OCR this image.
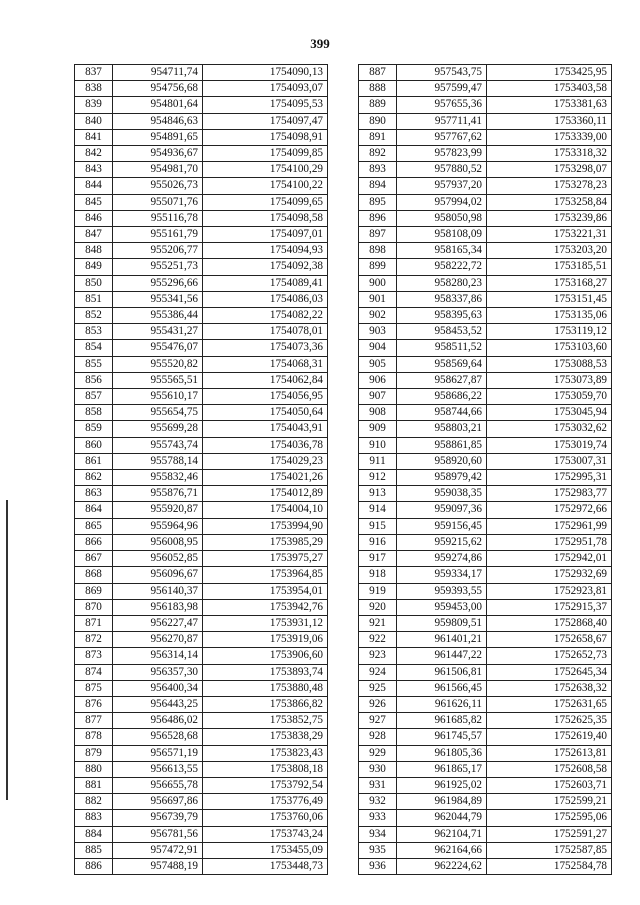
399
837	954711,74	1754090,13
838	954756,68	1754093,07
839	954801,64	1754095,53
840	954846,63	1754097,47
841	954891,65	1754098,91
842	954936,67	1754099,85
843	954981,70	1754100,29
844	955026,73	1754100,22
845	955071,76	1754099,65
846	955116,78	1754098,58
847	955161,79	1754097,01
848	955206,77	1754094,93
849	955251,73	1754092,38
850	955296,66	1754089,41
851	955341,56	1754086,03
852	955386,44	1754082,22
853	955431,27	1754078,01
854	955476,07	1754073,36
855	955520,82	1754068,31
856	955565,51	1754062,84
857	955610,17	1754056,95
858	955654,75	1754050,64
859	955699,28	1754043,91
860	955743,74	1754036,78
861	955788,14	1754029,23
862	955832,46	1754021,26
863	955876,71	1754012,89
864	955920,87	1754004,10
865	955964,96	1753994,90
866	956008,95	1753985,29
867	956052,85	1753975,27
868	956096,67	1753964,85
869	956140,37	1753954,01
870	956183,98	1753942,76
871	956227,47	1753931,12
872	956270,87	1753919,06
873	956314,14	1753906,60
874	956357,30	1753893,74
875	956400,34	1753880,48
876	956443,25	1753866,82
877	956486,02	1753852,75
878	956528,68	1753838,29
879	956571,19	1753823,43
880	956613,55	1753808,18
881	956655,78	1753792,54
882	956697,86	1753776,49
883	956739,79	1753760,06
884	956781,56	1753743,24
885	957472,91	1753455,09
886	957488,19	1753448,73
887	957543,75	1753425,95
888	957599,47	1753403,58
889	957655,36	1753381,63
890	957711,41	1753360,11
891	957767,62	1753339,00
892	957823,99	1753318,32
893	957880,52	1753298,07
894	957937,20	1753278,23
895	957994,02	1753258,84
896	958050,98	1753239,86
897	958108,09	1753221,31
898	958165,34	1753203,20
899	958222,72	1753185,51
900	958280,23	1753168,27
901	958337,86	1753151,45
902	958395,63	1753135,06
903	958453,52	1753119,12
904	958511,52	1753103,60
905	958569,64	1753088,53
906	958627,87	1753073,89
907	958686,22	1753059,70
908	958744,66	1753045,94
909	958803,21	1753032,62
910	958861,85	1753019,74
911	958920,60	1753007,31
912	958979,42	1752995,31
913	959038,35	1752983,77
914	959097,36	1752972,66
915	959156,45	1752961,99
916	959215,62	1752951,78
917	959274,86	1752942,01
918	959334,17	1752932,69
919	959393,55	1752923,81
920	959453,00	1752915,37
921	959809,51	1752868,40
922	961401,21	1752658,67
923	961447,22	1752652,73
924	961506,81	1752645,34
925	961566,45	1752638,32
926	961626,11	1752631,65
927	961685,82	1752625,35
928	961745,57	1752619,40
929	961805,36	1752613,81
930	961865,17	1752608,58
931	961925,02	1752603,71
932	961984,89	1752599,21
933	962044,79	1752595,06
934	962104,71	1752591,27
935	962164,66	1752587,85
936	962224,62	1752584,78
